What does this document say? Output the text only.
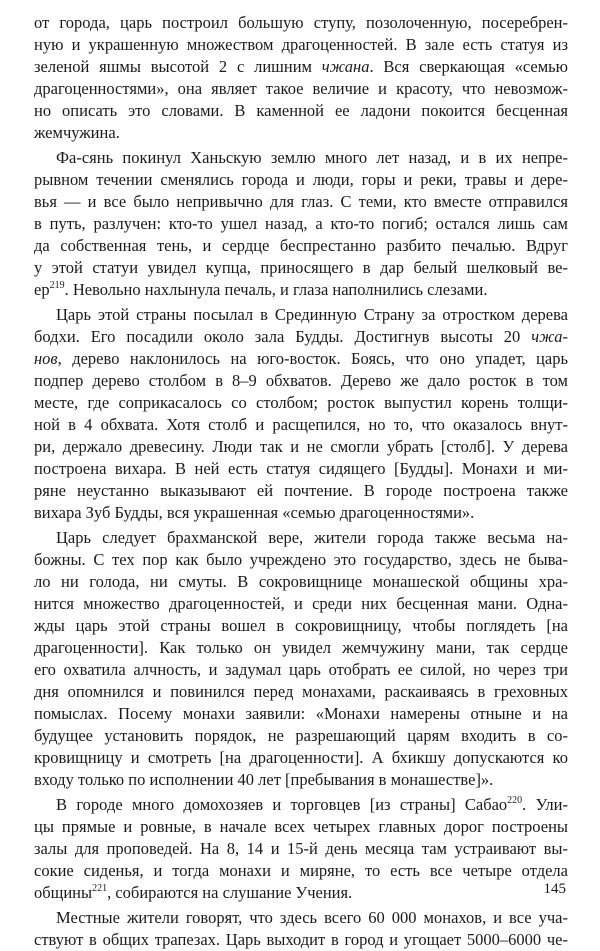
от города, царь построил большую ступу, позолоченную, посеребрен-
ную и украшенную множеством драгоценностей. В зале есть статуя из
зеленой яшмы высотой 2 с лишним чжана. Вся сверкающая «семью
драгоценностями», она являет такое величие и красоту, что невозмож-
но описать это словами. В каменной ее ладони покоится бесценная
жемчужина.
Фа-сянь покинул Ханьскую землю много лет назад, и в их непре-
рывном течении сменялись города и люди, горы и реки, травы и дере-
вья — и все было непривычно для глаз. С теми, кто вместе отправился
в путь, разлучен: кто-то ушел назад, а кто-то погиб; остался лишь сам
да собственная тень, и сердце беспрестанно разбито печалью. Вдруг
у этой статуи увидел купца, приносящего в дар белый шелковый ве-
$ер^{219}$. Невольно нахлынула печаль, и глаза наполнились слезами.
Царь этой страны посылал в Срединную Страну за отростком дерева
бодхи. Его посадили около зала Будды. Достигнув высоты 20 чжа-
нов, дерево наклонилось на юго-восток. Боясь, что оно упадет, царь
подпер дерево столбом в 8–9 обхватов. Дерево же дало росток в том
месте, где соприкасалось со столбом; росток выпустил корень толщи-
ной в 4 обхвата. Хотя столб и расщепился, но то, что оказалось внут-
ри, держало древесину. Люди так и не смогли убрать [столб]. У дерева
построена вихара. В ней есть статуя сидящего [Будды]. Монахи и ми-
ряне неустанно выказывают ей почтение. В городе построена также
вихара Зуб Будды, вся украшенная «семью драгоценностями».
Царь следует брахманской вере, жители города также весьма на-
божны. С тех пор как было учреждено это государство, здесь не быва-
ло ни голода, ни смуты. В сокровищнице монашеской общины хра-
нится множество драгоценностей, и среди них бесценная мани. Одна-
жды царь этой страны вошел в сокровищницу, чтобы поглядеть [на
драгоценности]. Как только он увидел жемчужину мани, так сердце
его охватила алчность, и задумал царь отобрать ее силой, но через три
дня опомнился и повинился перед монахами, раскаиваясь в греховных
помыслах. Посему монахи заявили: «Монахи намерены отныне и на
будущее установить порядок, не разрешающий царям входить в со-
кровищницу и смотреть [на драгоценности]. А бхикшу допускаются ко
входу только по исполнении 40 лет [пребывания в монашестве]».
В городе много домохозяев и торговцев [из страны] Сабао$^{220}$. Ули-
цы прямые и ровные, в начале всех четырех главных дорог построены
залы для проповедей. На 8, 14 и 15-й день месяца там устраивают вы-
сокие сиденья, и тогда монахи и миряне, то есть все четыре отдела
общины$^{221}$, собираются на слушание Учения.
Местные жители говорят, что здесь всего 60 000 монахов, и все уча-
ствуют в общих трапезах. Царь выходит в город и угощает 5000–6000 че-
145
